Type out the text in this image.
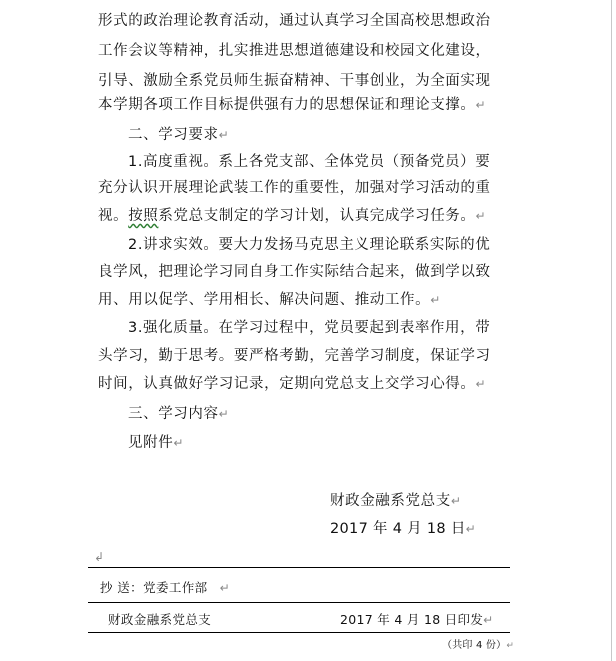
形式的政治理论教育活动，通过认真学习全国高校思想政治
工作会议等精神，扎实推进思想道德建设和校园文化建设，
引导、激励全系党员师生振奋精神、干事创业，为全面实现
本学期各项工作目标提供强有力的思想保证和理论支撑。↵
二、学习要求↵
1.高度重视。系上各党支部、全体党员（预备党员）要
充分认识开展理论武装工作的重要性，加强对学习活动的重
视。按照系党总支制定的学习计划，认真完成学习任务。↵
2.讲求实效。要大力发扬马克思主义理论联系实际的优
良学风，把理论学习同自身工作实际结合起来，做到学以致
用、用以促学、学用相长、解决问题、推动工作。↵
3.强化质量。在学习过程中，党员要起到表率作用，带
头学习，勤于思考。要严格考勤，完善学习制度，保证学习
时间，认真做好学习记录，定期向党总支上交学习心得。↵
三、学习内容↵
见附件↵
财政金融系党总支↵
2017 年 4 月 18 日↵
↲
抄 送：党委工作部 ↵
财政金融系党总支	2017 年 4 月 18 日印发↵
（共印 4 份）↵
